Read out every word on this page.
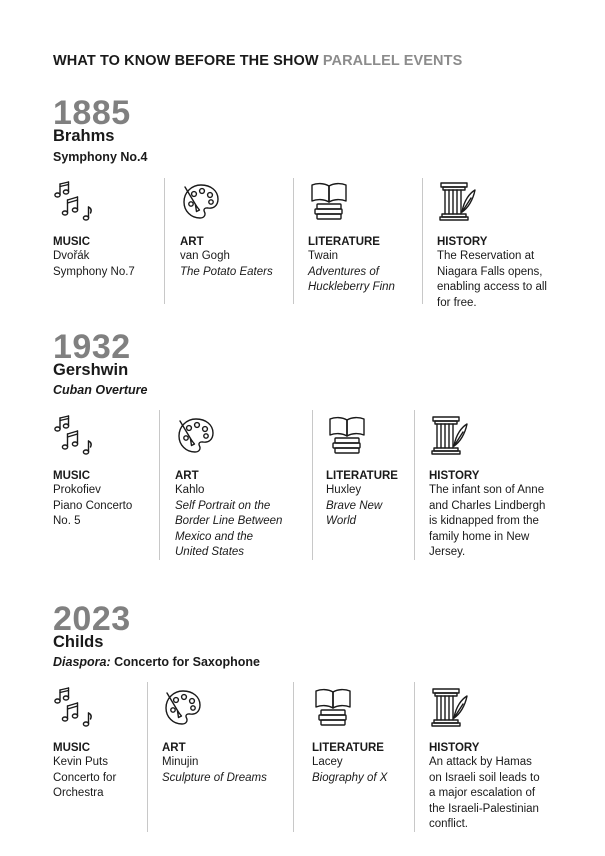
WHAT TO KNOW BEFORE THE SHOW PARALLEL EVENTS
1885
Brahms
Symphony No.4
MUSIC
Dvořák
Symphony No.7
ART
van Gogh
The Potato Eaters
LITERATURE
Twain
Adventures of
Huckleberry Finn
HISTORY
The Reservation at
Niagara Falls opens,
enabling access to all
for free.
1932
Gershwin
Cuban Overture
MUSIC
Prokofiev
Piano Concerto
No. 5
ART
Kahlo
Self Portrait on the
Border Line Between
Mexico and the
United States
LITERATURE
Huxley
Brave New
World
HISTORY
The infant son of Anne
and Charles Lindbergh
is kidnapped from the
family home in New
Jersey.
2023
Childs
Diaspora: Concerto for Saxophone
MUSIC
Kevin Puts
Concerto for
Orchestra
ART
Minujin
Sculpture of Dreams
LITERATURE
Lacey
Biography of X
HISTORY
An attack by Hamas
on Israeli soil leads to
a major escalation of
the Israeli-Palestinian
conflict.
